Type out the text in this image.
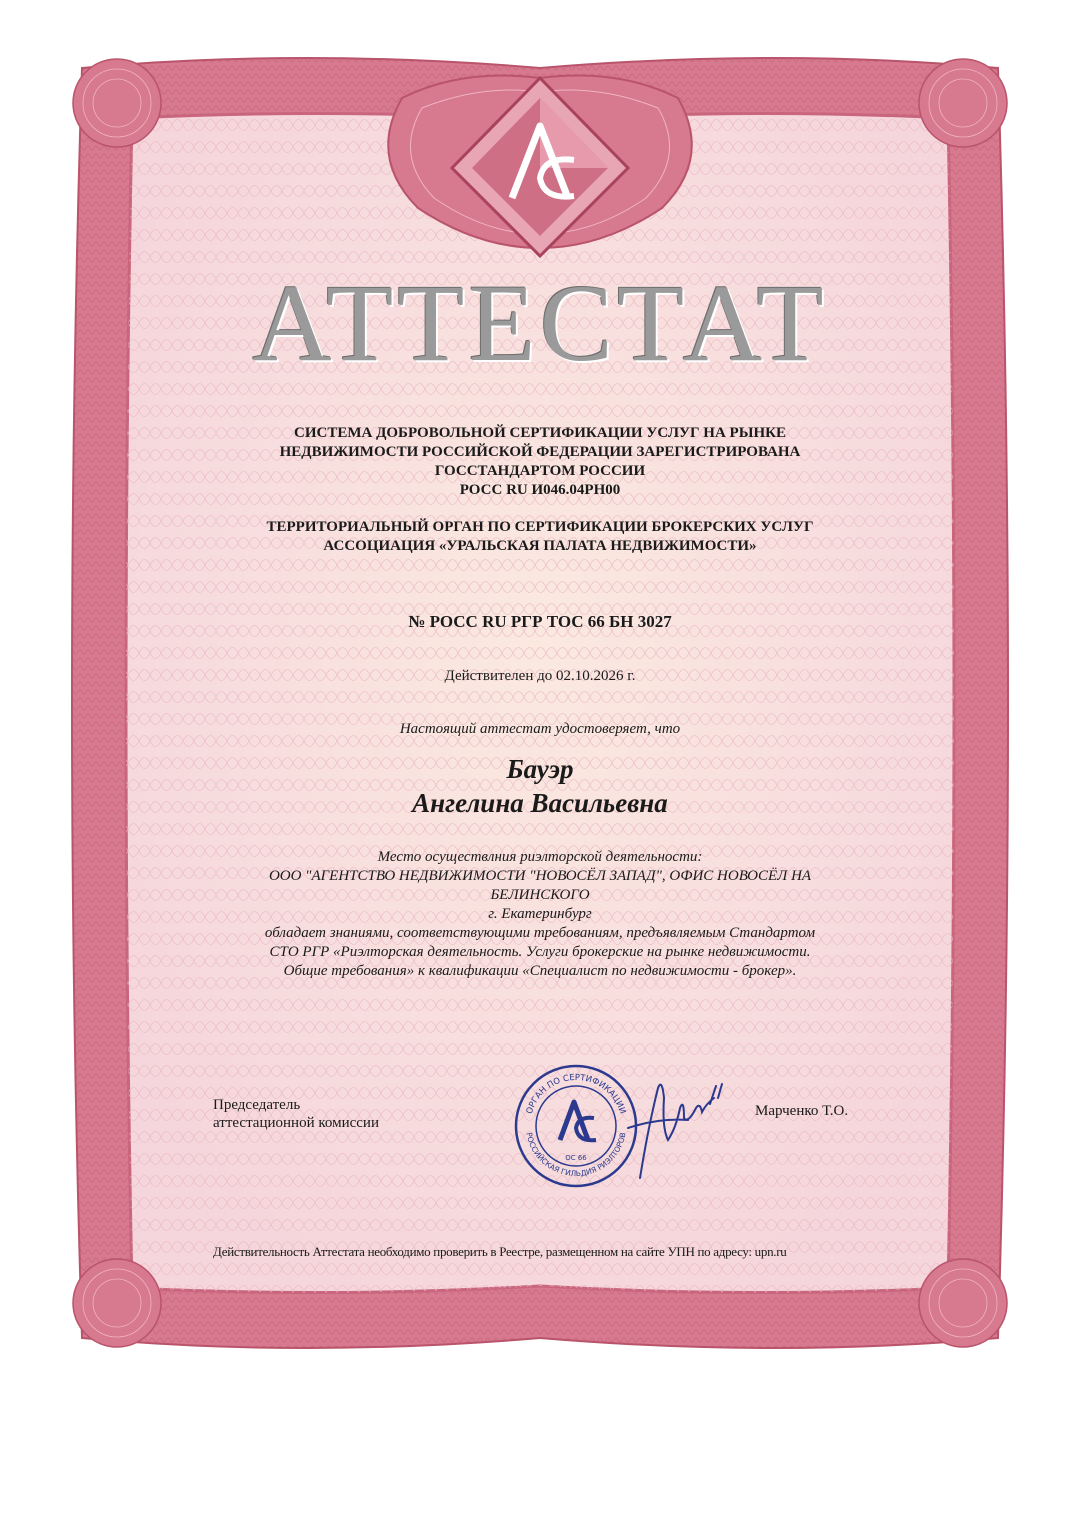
АТТЕСТАТ
СИСТЕМА ДОБРОВОЛЬНОЙ СЕРТИФИКАЦИИ УСЛУГ НА РЫНКЕ
НЕДВИЖИМОСТИ РОССИЙСКОЙ ФЕДЕРАЦИИ ЗАРЕГИСТРИРОВАНА
ГОССТАНДАРТОМ РОССИИ
РОСС RU И046.04РН00
ТЕРРИТОРИАЛЬНЫЙ ОРГАН ПО СЕРТИФИКАЦИИ БРОКЕРСКИХ УСЛУГ
АССОЦИАЦИЯ «УРАЛЬСКАЯ ПАЛАТА НЕДВИЖИМОСТИ»
№ РОСС RU РГР ТОС 66 БН 3027
Действителен до 02.10.2026 г.
Настоящий аттестат удостоверяет, что
Бауэр
Ангелина Васильевна
Место осуществлния риэлторской деятельности:
ООО "АГЕНТСТВО НЕДВИЖИМОСТИ "НОВОСЁЛ ЗАПАД", ОФИС НОВОСЁЛ НА
БЕЛИНСКОГО
г. Екатеринбург
обладает знаниями, соответствующими требованиям, предъявляемым Стандартом
СТО РГР «Риэлторская деятельность. Услуги брокерские на рынке недвижимости.
Общие требования» к квалификации «Специалист по недвижимости - брокер».
Председатель
аттестационной комиссии
ОРГАН ПО СЕРТИФИКАЦИИ
РОССИЙСКАЯ ГИЛЬДИЯ РИЭЛТОРОВ
ОС 66
Марченко Т.О.
Действительность Аттестата необходимо проверить в Реестре, размещенном на сайте УПН по адресу: upn.ru
